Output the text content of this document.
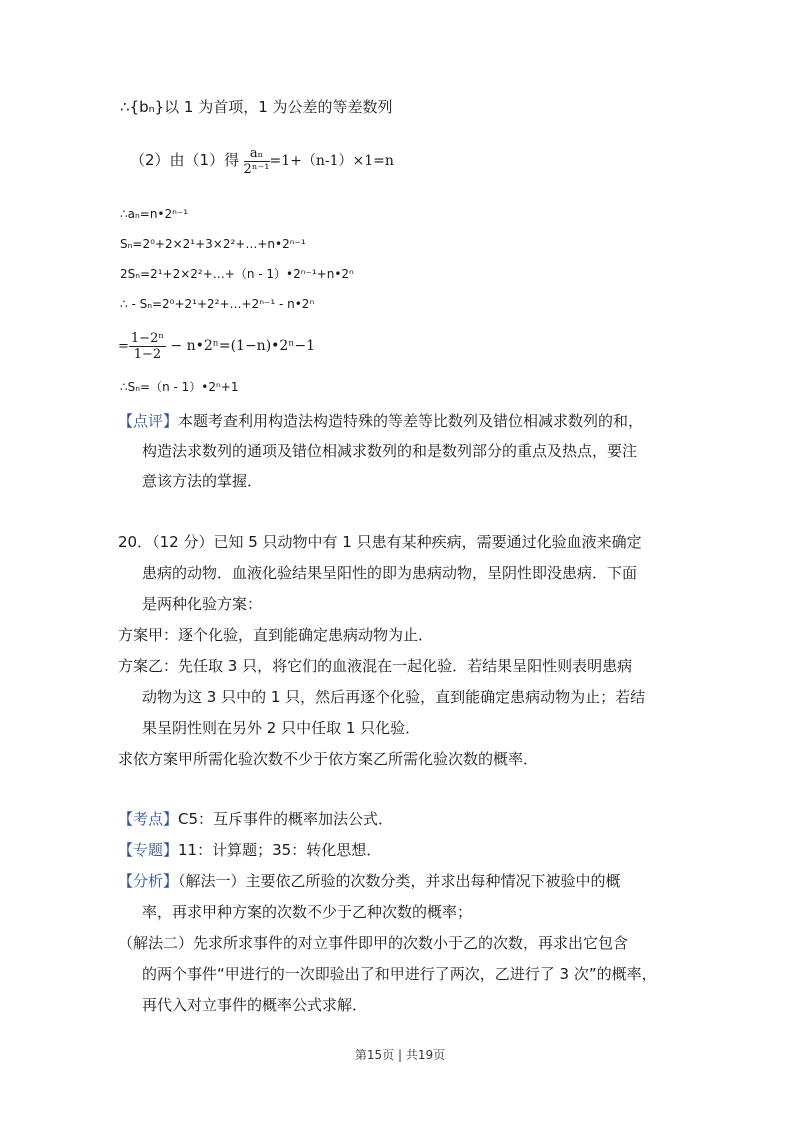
∴{bₙ}以 1 为首项，1 为公差的等差数列
（2）由（1）得 $\frac{\text{aₙ}}{\text{2ⁿ⁻¹}} =1+(n-1)\times 1=n$
∴aₙ=n•2ⁿ⁻¹
Sₙ=2⁰+2×2¹+3×2²+…+n•2ⁿ⁻¹
2Sₙ=2¹+2×2²+…+（n - 1）•2ⁿ⁻¹+n•2ⁿ
∴ - Sₙ=2⁰+2¹+2²+…+2ⁿ⁻¹ - n•2ⁿ
= $\frac{\text{1−2ⁿ}}{1-2}$ − n•2ⁿ=(1−n)•2ⁿ−1
∴Sₙ=（n - 1）•2ⁿ+1
【点评】本题考查利用构造法构造特殊的等差等比数列及错位相减求数列的和，
构造法求数列的通项及错位相减求数列的和是数列部分的重点及热点，要注
意该方法的掌握．
20．（12 分）已知 5 只动物中有 1 只患有某种疾病，需要通过化验血液来确定
患病的动物．血液化验结果呈阳性的即为患病动物，呈阴性即没患病．下面
是两种化验方案：
方案甲：逐个化验，直到能确定患病动物为止．
方案乙：先任取 3 只，将它们的血液混在一起化验．若结果呈阳性则表明患病
动物为这 3 只中的 1 只，然后再逐个化验，直到能确定患病动物为止；若结
果呈阴性则在另外 2 只中任取 1 只化验．
求依方案甲所需化验次数不少于依方案乙所需化验次数的概率．
【考点】C5：互斥事件的概率加法公式．
【专题】11：计算题；35：转化思想．
【分析】（解法一）主要依乙所验的次数分类，并求出每种情况下被验中的概
率，再求甲种方案的次数不少于乙种次数的概率；
（解法二）先求所求事件的对立事件即甲的次数小于乙的次数，再求出它包含
的两个事件“甲进行的一次即验出了和甲进行了两次，乙进行了 3 次”的概率，
再代入对立事件的概率公式求解．
第15页 | 共19页
